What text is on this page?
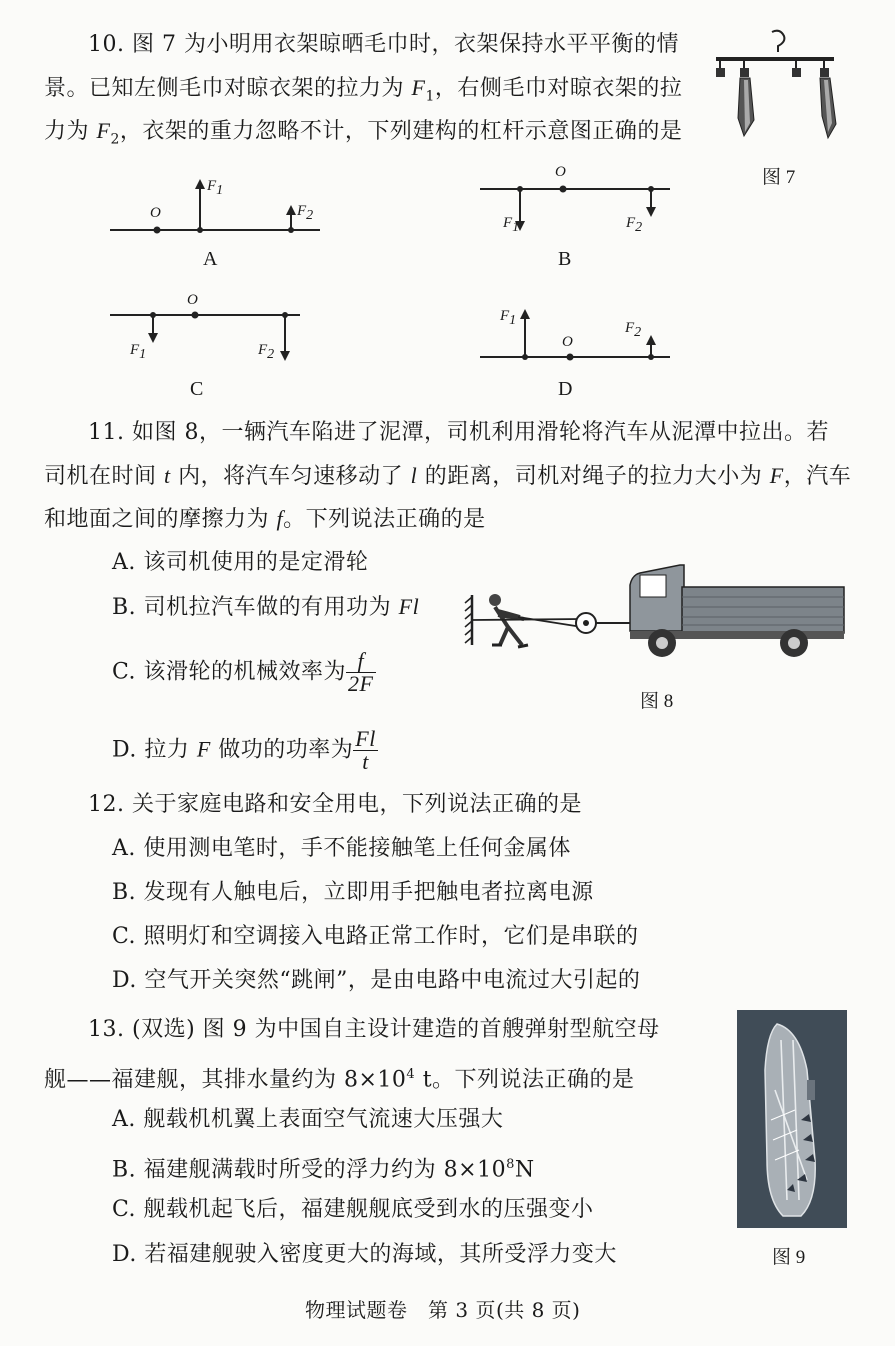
10. 图 7 为小明用衣架晾晒毛巾时，衣架保持水平平衡的情
景。已知左侧毛巾对晾衣架的拉力为 $F_1$，右侧毛巾对晾衣架的拉
力为 $F_2$，衣架的重力忽略不计，下列建构的杠杆示意图正确的是
图 7
O
$F_1$
$F_2$
A
O
$F_1$	$F_2$
B
O
$F_1$	$F_2$
C
$F_1$
O
$F_2$
D
11. 如图 8，一辆汽车陷进了泥潭，司机利用滑轮将汽车从泥潭中拉出。若
司机在时间 t 内，将汽车匀速移动了 l 的距离，司机对绳子的拉力大小为 F，汽车
和地面之间的摩擦力为 f。下列说法正确的是
A. 该司机使用的是定滑轮
B. 司机拉汽车做的有用功为 Fl
C. 该滑轮的机械效率为 $\frac{f}{2F}$
D. 拉力 F 做功的功率为 $\frac{Fl}{t}$
图 8
12. 关于家庭电路和安全用电，下列说法正确的是
A. 使用测电笔时，手不能接触笔上任何金属体
B. 发现有人触电后，立即用手把触电者拉离电源
C. 照明灯和空调接入电路正常工作时，它们是串联的
D. 空气开关突然“跳闸”，是由电路中电流过大引起的
13. (双选) 图 9 为中国自主设计建造的首艘弹射型航空母
舰——福建舰，其排水量约为 $8\times 10^4$ t。下列说法正确的是
A. 舰载机机翼上表面空气流速大压强大
B. 福建舰满载时所受的浮力约为 $8\times 10^8N$
C. 舰载机起飞后，福建舰舰底受到水的压强变小
D. 若福建舰驶入密度更大的海域，其所受浮力变大	图 9
物理试题卷　第 3 页(共 8 页)
